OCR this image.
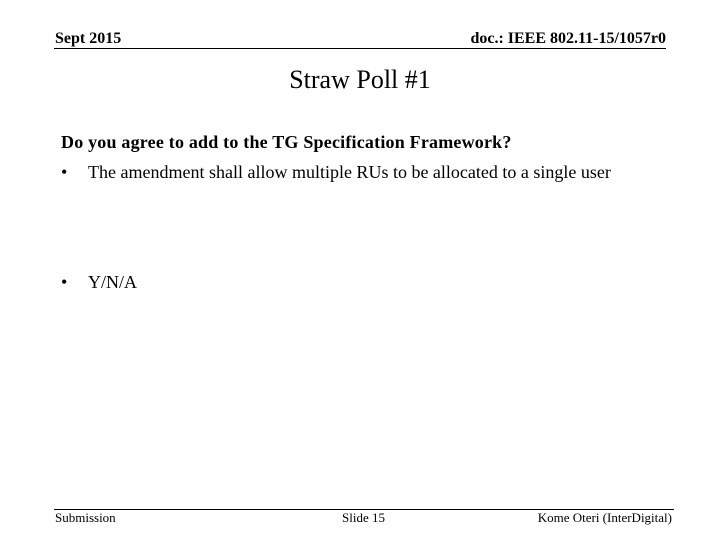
Sept 2015	doc.: IEEE 802.11-15/1057r0
Straw Poll #1
Do you agree to add to the TG Specification Framework?
•	The amendment shall allow multiple RUs to be allocated to a single user
•	Y/N/A
Submission	Slide 15	Kome Oteri (InterDigital)
